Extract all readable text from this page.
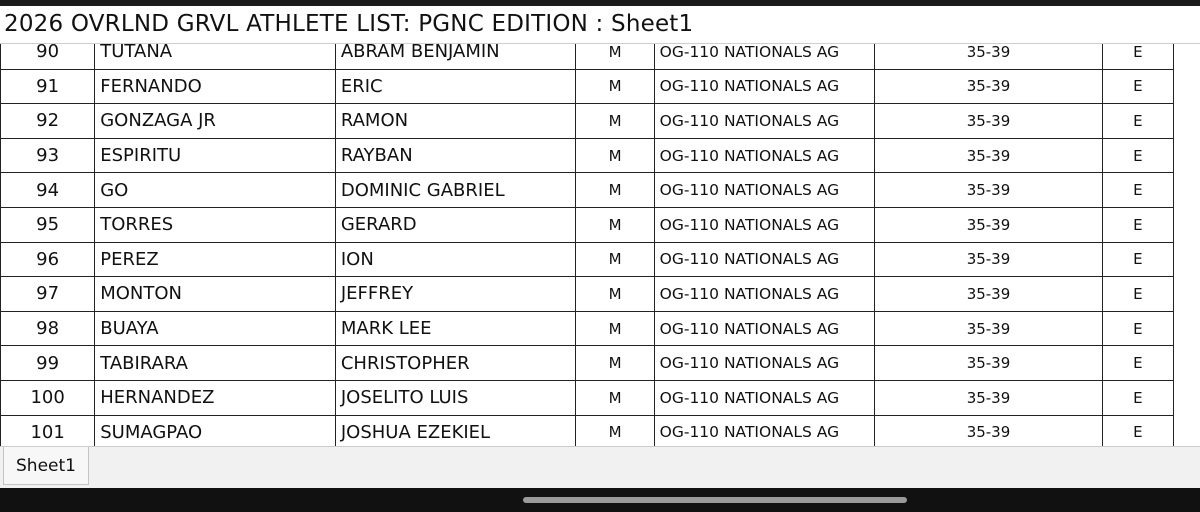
2026 OVRLND GRVL ATHLETE LIST: PGNC EDITION : Sheet1
90	TUTANA	ABRAM BENJAMIN	M	OG-110 NATIONALS AG	35-39	E
91	FERNANDO	ERIC	M	OG-110 NATIONALS AG	35-39	E
92	GONZAGA JR	RAMON	M	OG-110 NATIONALS AG	35-39	E
93	ESPIRITU	RAYBAN	M	OG-110 NATIONALS AG	35-39	E
94	GO	DOMINIC GABRIEL	M	OG-110 NATIONALS AG	35-39	E
95	TORRES	GERARD	M	OG-110 NATIONALS AG	35-39	E
96	PEREZ	ION	M	OG-110 NATIONALS AG	35-39	E
97	MONTON	JEFFREY	M	OG-110 NATIONALS AG	35-39	E
98	BUAYA	MARK LEE	M	OG-110 NATIONALS AG	35-39	E
99	TABIRARA	CHRISTOPHER	M	OG-110 NATIONALS AG	35-39	E
100	HERNANDEZ	JOSELITO LUIS	M	OG-110 NATIONALS AG	35-39	E
101	SUMAGPAO	JOSHUA EZEKIEL	M	OG-110 NATIONALS AG	35-39	E

Sheet1
